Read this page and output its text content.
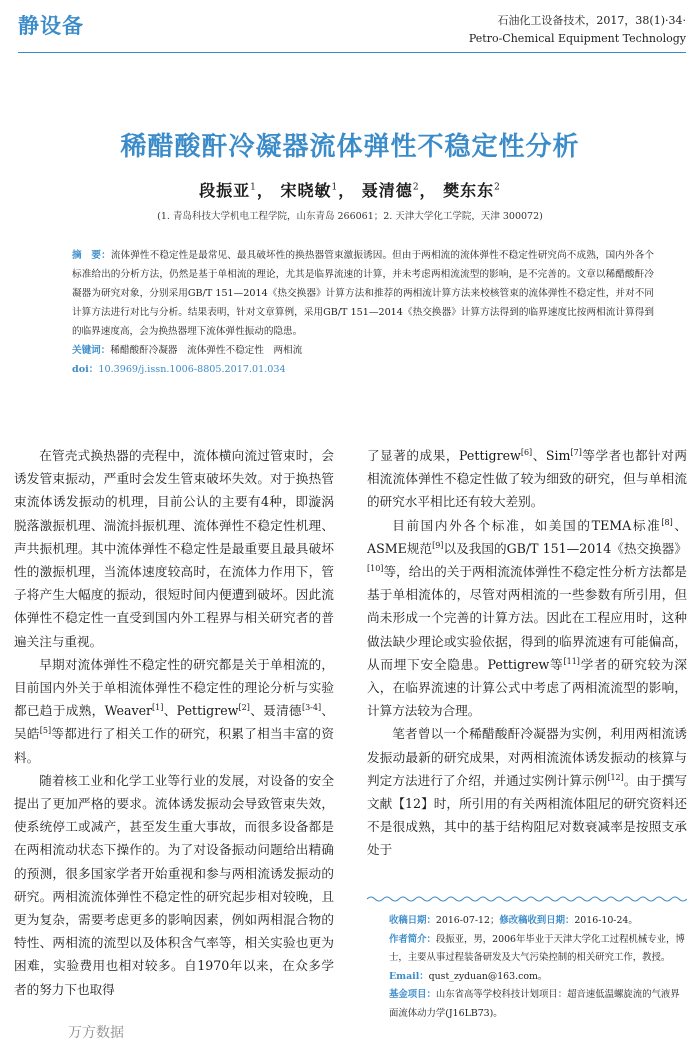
静设备	石油化工设备技术，2017，38(1)·34·
Petro-Chemical Equipment Technology
稀醋酸酐冷凝器流体弹性不稳定性分析
段振亚$^1$， 宋晓敏$^1$， 聂清德$^2$， 樊东东$^2$
(1. 青岛科技大学机电工程学院，山东青岛 266061；2. 天津大学化工学院，天津 300072)

摘　要：流体弹性不稳定性是最常见、最具破坏性的换热器管束激振诱因。但由于两相流的流体弹性不稳定性研究尚不成熟，国内外各个标准给出的分析方法，仍然是基于单相流的理论，尤其是临界流速的计算，并未考虑两相流流型的影响，是不完善的。文章以稀醋酸酐冷凝器为研究对象，分别采用GB/T 151—2014《热交换器》计算方法和推荐的两相流计算方法来校核管束的流体弹性不稳定性，并对不同计算方法进行对比与分析。结果表明，针对文章算例，采用GB/T 151—2014《热交换器》计算方法得到的临界速度比按两相流计算得到的临界速度高，会为换热器埋下流体弹性振动的隐患。

关键词：稀醋酸酐冷凝器　流体弹性不稳定性　两相流

doi：10.3969/j.issn.1006-8805.2017.01.034

在管壳式换热器的壳程中，流体横向流过管束时，会诱发管束振动，严重时会发生管束破坏失效。对于换热管束流体诱发振动的机理，目前公认的主要有4种，即漩涡脱落激振机理、湍流抖振机理、流体弹性不稳定性机理、声共振机理。其中流体弹性不稳定性是最重要且最具破坏性的激振机理，当流体速度较高时，在流体力作用下，管子将产生大幅度的振动，很短时间内便遭到破坏。因此流体弹性不稳定性一直受到国内外工程界与相关研究者的普遍关注与重视。

早期对流体弹性不稳定性的研究都是关于单相流的，目前国内外关于单相流体弹性不稳定性的理论分析与实验都已趋于成熟，Weaver[1]、Pettigrew[2]、聂清德[3-4]、吴皓[5]等都进行了相关工作的研究，积累了相当丰富的资料。

随着核工业和化学工业等行业的发展，对设备的安全提出了更加严格的要求。流体诱发振动会导致管束失效，使系统停工或减产，甚至发生重大事故，而很多设备都是在两相流动状态下操作的。为了对设备振动问题给出精确的预测，很多国家学者开始重视和参与两相流诱发振动的研究。两相流流体弹性不稳定性的研究起步相对较晚，且更为复杂，需要考虑更多的影响因素，例如两相混合物的特性、两相流的流型以及体积含气率等，相关实验也更为困难，实验费用也相对较多。自1970年以来，在众多学者的努力下也取得

了显著的成果，Pettigrew[6]、Sim[7]等学者也都针对两相流流体弹性不稳定性做了较为细致的研究，但与单相流的研究水平相比还有较大差别。

目前国内外各个标准，如美国的TEMA标准[8]、ASME规范[9]以及我国的GB/T 151—2014《热交换器》[10]等，给出的关于两相流流体弹性不稳定性分析方法都是基于单相流体的，尽管对两相流的一些参数有所引用，但尚未形成一个完善的计算方法。因此在工程应用时，这种做法缺少理论或实验依据，得到的临界流速有可能偏高，从而埋下安全隐患。Pettigrew等[11]学者的研究较为深入，在临界流速的计算公式中考虑了两相流流型的影响，计算方法较为合理。

笔者曾以一个稀醋酸酐冷凝器为实例，利用两相流诱发振动最新的研究成果，对两相流流体诱发振动的核算与判定方法进行了介绍，并通过实例计算示例[12]。由于撰写文献【12】时，所引用的有关两相流体阻尼的研究资料还不是很成熟，其中的基于结构阻尼对数衰减率是按照支承处于

收稿日期：2016-07-12；修改稿收到日期：2016-10-24。

作者简介：段振亚，男，2006年毕业于天津大学化工过程机械专业，博士，主要从事过程装备研发及大气污染控制的相关研究工作，教授。

Email：qust_zyduan@163.com。

基金项目：山东省高等学校科技计划项目：超音速低温螺旋流的气液界面流体动力学(J16LB73)。

万方数据
